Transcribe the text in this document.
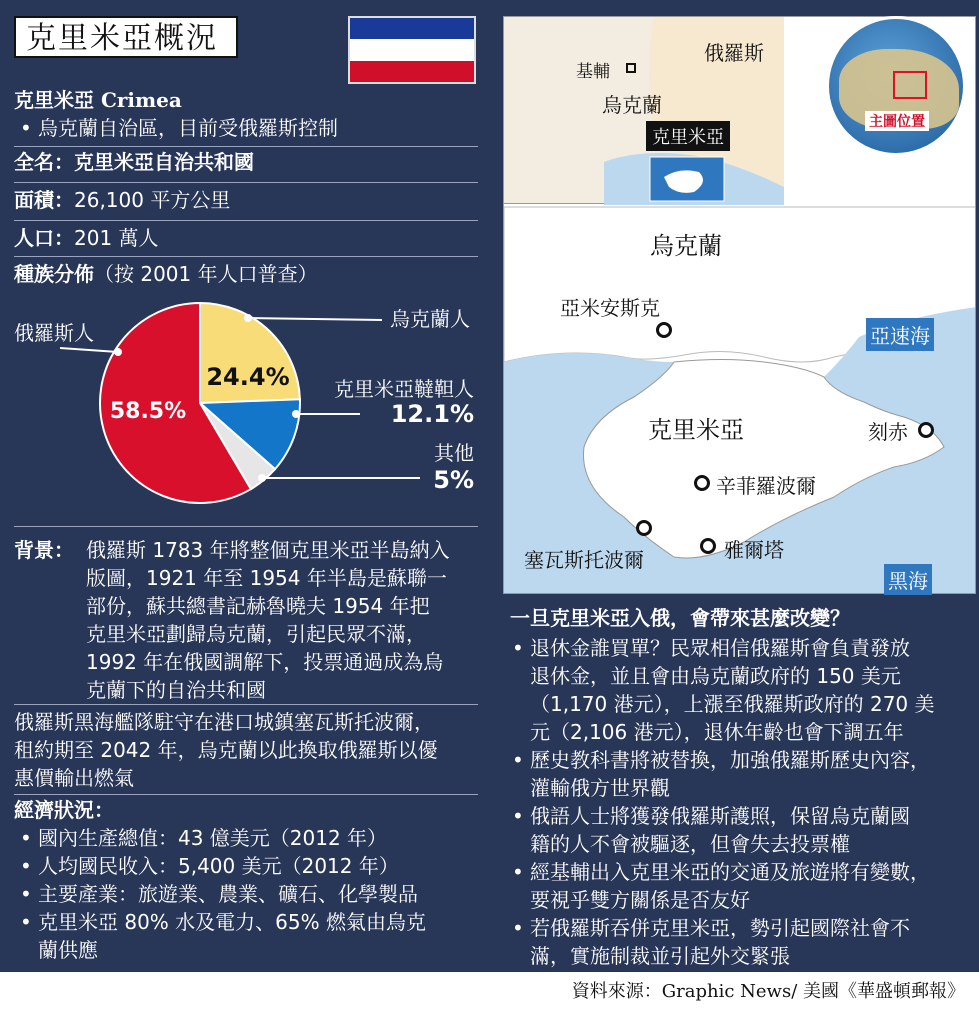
克里米亞概況
克里米亞 Crimea
• 烏克蘭自治區，目前受俄羅斯控制
全名：克里米亞自治共和國
面積：26,100 平方公里
人口：201 萬人
種族分佈（按 2001 年人口普查）
24.4%
58.5%
俄羅斯人
烏克蘭人
克里米亞韃靼人
12.1%
其他
5%
背景： 俄羅斯 1783 年將整個克里米亞半島納入
版圖，1921 年至 1954 年半島是蘇聯一
部份，蘇共總書記赫魯曉夫 1954 年把
克里米亞劃歸烏克蘭，引起民眾不滿，
1992 年在俄國調解下，投票通過成為烏
克蘭下的自治共和國
俄羅斯黑海艦隊駐守在港口城鎮塞瓦斯托波爾，
租約期至 2042 年，烏克蘭以此換取俄羅斯以優
惠價輸出燃氣
經濟狀況：
• 國內生產總值：43 億美元（2012 年）
• 人均國民收入：5,400 美元（2012 年）
• 主要產業：旅遊業、農業、礦石、化學製品
• 克里米亞 80% 水及電力、65% 燃氣由烏克
蘭供應
俄羅斯
基輔
烏克蘭
克里米亞
主圖位置
烏克蘭
亞速海
亞米安斯克
克里米亞	刻赤
辛菲羅波爾
塞瓦斯托波爾	雅爾塔
黑海
一旦克里米亞入俄，會帶來甚麼改變？
• 退休金誰買單？民眾相信俄羅斯會負責發放
退休金，並且會由烏克蘭政府的 150 美元
（1,170 港元），上漲至俄羅斯政府的 270 美
元（2,106 港元），退休年齡也會下調五年
• 歷史教科書將被替換，加強俄羅斯歷史內容，
灌輸俄方世界觀
• 俄語人士將獲發俄羅斯護照，保留烏克蘭國
籍的人不會被驅逐，但會失去投票權
• 經基輔出入克里米亞的交通及旅遊將有變數，
要視乎雙方關係是否友好
• 若俄羅斯吞併克里米亞，勢引起國際社會不
滿，實施制裁並引起外交緊張
資料來源：Graphic News/ 美國《華盛頓郵報》
